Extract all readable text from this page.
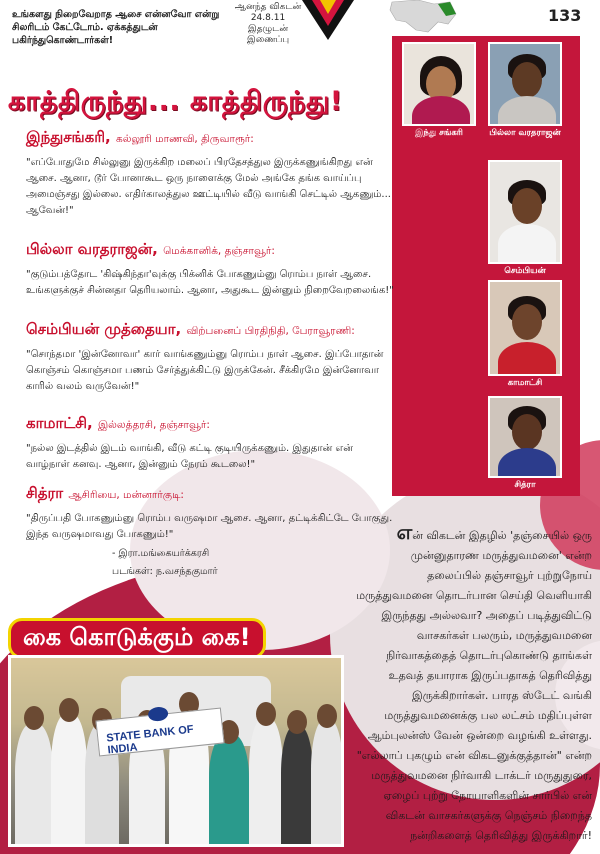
உங்களது நிறைவேறாத ஆசை என்னவோ என்று சிலரிடம் கேட்டோம். ஏக்கத்துடன் பகிர்ந்துகொண்டார்கள்!
ஆனந்த விகடன்
24.8.11 இதழுடன்
இணைப்பு
133
காத்திருந்து... காத்திருந்து!
இந்து சங்கரி	பில்லா வரதராஜன்
செம்பியன்
காமாட்சி
சித்ரா
இந்துசங்கரி, கல்லூரி மாணவி, திருவாரூர்:
"எப்போதுமே சில்லுனு இருக்கிற மலைப் பிரதேசத்துல இருக்கணுங்கிறது என் ஆசை. ஆனா, டூர் போனாகூட ஒரு நாளைக்கு மேல் அங்கே தங்க வாய்ப்பு அமைஞ்சது இல்லை. எதிர்காலத்துல ஊட்டியில் வீடு வாங்கி செட்டில் ஆகணும்... ஆவேன்!"
பில்லா வரதராஜன், மெக்கானிக், தஞ்சாவூர்:
"குடும்பத்தோட 'கிஷ்கிந்தா'வுக்கு பிக்னிக் போகணும்னு ரொம்ப நாள் ஆசை. உங்களுக்குச் சின்னதா தெரியலாம். ஆனா, அதுகூட இன்னும் நிறைவேறலைங்க!"
செம்பியன் முத்தையா, விற்பனைப் பிரதிநிதி, பேராவூரணி:
"சொந்தமா 'இன்னோவா' கார் வாங்கணும்னு ரொம்ப நாள் ஆசை. இப்போதான் கொஞ்சம் கொஞ்சமா பணம் சேர்த்துக்கிட்டு இருக்கேன். சீக்கிரமே இன்னோவா காரில் வலம் வருவேன்!"
காமாட்சி, இல்லத்தரசி, தஞ்சாவூர்:
"நல்ல இடத்தில் இடம் வாங்கி, வீடு கட்டி குடியிருக்கணும். இதுதான் என் வாழ்நாள் கனவு. ஆனா, இன்னும் நேரம் கூடலை!"
சித்ரா ஆசிரியை, மன்னார்குடி:
"திருப்பதி போகணும்னு ரொம்ப வருஷமா ஆசை. ஆனா, தட்டிக்கிட்டே போகுது. இந்த வருஷமாவது போகணும்!"
- இரா.மங்கையர்க்கரசி
படங்கள்: ந.வசந்தகுமார்
கை கொடுக்கும் கை!
STATE BANK OF INDIA
என் விகடன் இதழில் 'தஞ்சையில் ஒரு முன்னுதாரண மருத்துவமனை' என்ற தலைப்பில் தஞ்சாவூர் புற்றுநோய் மருத்துவமனை தொடர்பான செய்தி வெளியாகி இருந்தது அல்லவா? அதைப் படித்துவிட்டு வாசகர்கள் பலரும், மருத்துவமனை நிர்வாகத்தைத் தொடர்புகொண்டு தாங்கள் உதவத் தயாராக இருப்பதாகத் தெரிவித்து இருக்கிறார்கள். பாரத ஸ்டேட் வங்கி மருத்துவமனைக்கு பல லட்சம் மதிப்புள்ள ஆம்புலன்ஸ் வேன் ஒன்றை வழங்கி உள்ளது. "எல்லாப் புகழும் என் விகடனுக்குத்தான்" என்ற மருத்துவமனை நிர்வாகி டாக்டர் மருதுதுரை, ஏழைப் புற்று நோயாளிகளின் சார்பில் என் விகடன் வாசகர்களுக்கு நெஞ்சம் நிறைந்த நன்றிகளைத் தெரிவித்து இருக்கிறார்!
